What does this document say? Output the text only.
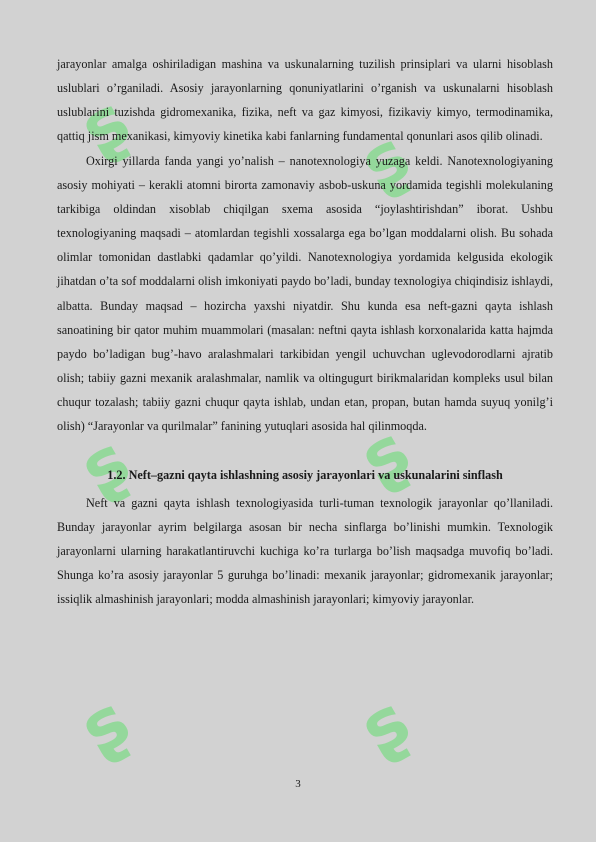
ʂ	ʂ
ʂ	ʂ
ʂ	ʂ

jarayonlar amalga oshiriladigan mashina va uskunalarning tuzilish prinsiplari va ularni hisoblash uslublari o’rganiladi. Asosiy jarayonlarning qonuniyatlarini o’rganish va uskunalarni hisoblash uslublarini tuzishda gidromexanika, fizika, neft va gaz kimyosi, fizikaviy kimyo, termodinamika, qattiq jism mexanikasi, kimyoviy kinetika kabi fanlarning fundamental qonunlari asos qilib olinadi.

Oxirgi yillarda fanda yangi yo’nalish – nanotexnologiya yuzaga keldi. Nanotexnologiyaning asosiy mohiyati – kerakli atomni birorta zamonaviy asbob-uskuna yordamida tegishli molekulaning tarkibiga oldindan xisoblab chiqilgan sxema asosida “joylashtirishdan” iborat. Ushbu texnologiyaning maqsadi – atomlardan tegishli xossalarga ega bo’lgan moddalarni olish. Bu sohada olimlar tomonidan dastlabki qadamlar qo’yildi. Nanotexnologiya yordamida kelgusida ekologik jihatdan o’ta sof moddalarni olish imkoniyati paydo bo’ladi, bunday texnologiya chiqindisiz ishlaydi, albatta. Bunday maqsad – hozircha yaxshi niyatdir. Shu kunda esa neft-gazni qayta ishlash sanoatining bir qator muhim muammolari (masalan: neftni qayta ishlash korxonalarida katta hajmda paydo bo’ladigan bug’-havo aralashmalari tarkibidan yengil uchuvchan uglevodorodlarni ajratib olish; tabiiy gazni mexanik aralashmalar, namlik va oltingugurt birikmalaridan kompleks usul bilan chuqur tozalash; tabiiy gazni chuqur qayta ishlab, undan etan, propan, butan hamda suyuq yonilg’i olish) “Jarayonlar va qurilmalar” fanining yutuqlari asosida hal qilinmoqda.

1.2. Neft–gazni qayta ishlashning asosiy jarayonlari va uskunalarini sinflash

Neft va gazni qayta ishlash texnologiyasida turli-tuman texnologik jarayonlar qo’llaniladi. Bunday jarayonlar ayrim belgilarga asosan bir necha sinflarga bo’linishi mumkin. Texnologik jarayonlarni ularning harakatlantiruvchi kuchiga ko’ra turlarga bo’lish maqsadga muvofiq bo’ladi. Shunga ko’ra asosiy jarayonlar 5 guruhga bo’linadi: mexanik jarayonlar; gidromexanik jarayonlar; issiqlik almashinish jarayonlari; modda almashinish jarayonlari; kimyoviy jarayonlar.

3
